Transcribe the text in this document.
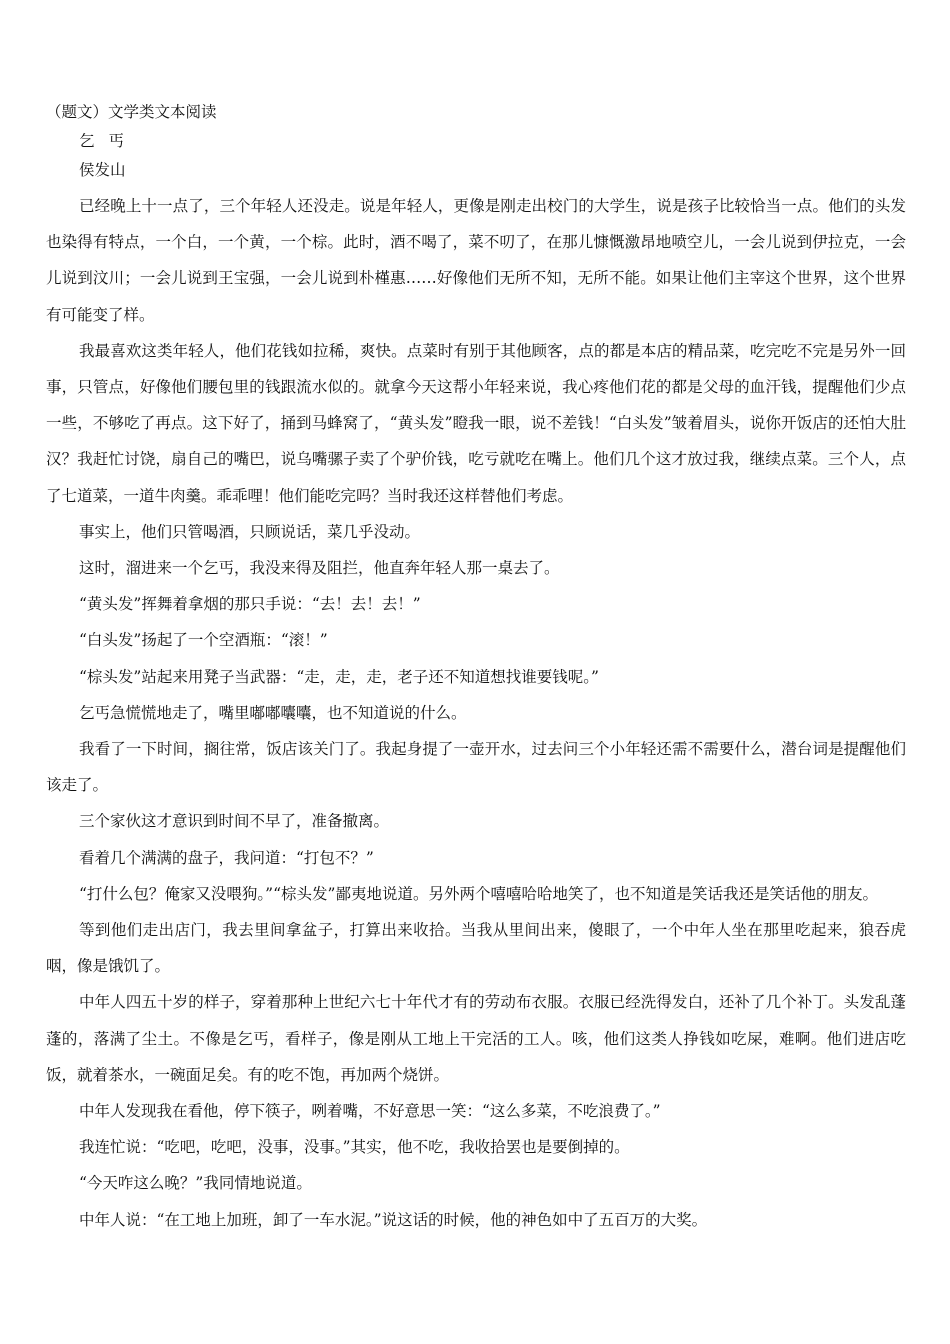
（题文）文学类文本阅读

乞丐

侯发山

已经晚上十一点了，三个年轻人还没走。说是年轻人，更像是刚走出校门的大学生，说是孩子比较恰当一点。他们的头发也染得有特点，一个白，一个黄，一个棕。此时，酒不喝了，菜不叨了，在那儿慷慨激昂地喷空儿，一会儿说到伊拉克，一会儿说到汶川；一会儿说到王宝强，一会儿说到朴槿惠……好像他们无所不知，无所不能。如果让他们主宰这个世界，这个世界有可能变了样。

我最喜欢这类年轻人，他们花钱如拉稀，爽快。点菜时有别于其他顾客，点的都是本店的精品菜，吃完吃不完是另外一回事，只管点，好像他们腰包里的钱跟流水似的。就拿今天这帮小年轻来说，我心疼他们花的都是父母的血汗钱，提醒他们少点一些，不够吃了再点。这下好了，捅到马蜂窝了，“黄头发”瞪我一眼，说不差钱！“白头发”皱着眉头，说你开饭店的还怕大肚汉？我赶忙讨饶，扇自己的嘴巴，说乌嘴骡子卖了个驴价钱，吃亏就吃在嘴上。他们几个这才放过我，继续点菜。三个人，点了七道菜，一道牛肉羹。乖乖哩！他们能吃完吗？当时我还这样替他们考虑。

事实上，他们只管喝酒，只顾说话，菜几乎没动。

这时，溜进来一个乞丐，我没来得及阻拦，他直奔年轻人那一桌去了。

“黄头发”挥舞着拿烟的那只手说：“去！去！去！”

“白头发”扬起了一个空酒瓶：“滚！”

“棕头发”站起来用凳子当武器：“走，走，走，老子还不知道想找谁要钱呢。”

乞丐急慌慌地走了，嘴里嘟嘟囔囔，也不知道说的什么。

我看了一下时间，搁往常，饭店该关门了。我起身提了一壶开水，过去问三个小年轻还需不需要什么，潜台词是提醒他们该走了。

三个家伙这才意识到时间不早了，准备撤离。

看着几个满满的盘子，我问道：“打包不？”

“打什么包？俺家又没喂狗。”“棕头发”鄙夷地说道。另外两个嘻嘻哈哈地笑了，也不知道是笑话我还是笑话他的朋友。

等到他们走出店门，我去里间拿盆子，打算出来收拾。当我从里间出来，傻眼了，一个中年人坐在那里吃起来，狼吞虎咽，像是饿饥了。

中年人四五十岁的样子，穿着那种上世纪六七十年代才有的劳动布衣服。衣服已经洗得发白，还补了几个补丁。头发乱蓬蓬的，落满了尘土。不像是乞丐，看样子，像是刚从工地上干完活的工人。咳，他们这类人挣钱如吃屎，难啊。他们进店吃饭，就着茶水，一碗面足矣。有的吃不饱，再加两个烧饼。

中年人发现我在看他，停下筷子，咧着嘴，不好意思一笑：“这么多菜，不吃浪费了。”

我连忙说：“吃吧，吃吧，没事，没事。”其实，他不吃，我收拾罢也是要倒掉的。

“今天咋这么晚？”我同情地说道。

中年人说：“在工地上加班，卸了一车水泥。”说这话的时候，他的神色如中了五百万的大奖。
